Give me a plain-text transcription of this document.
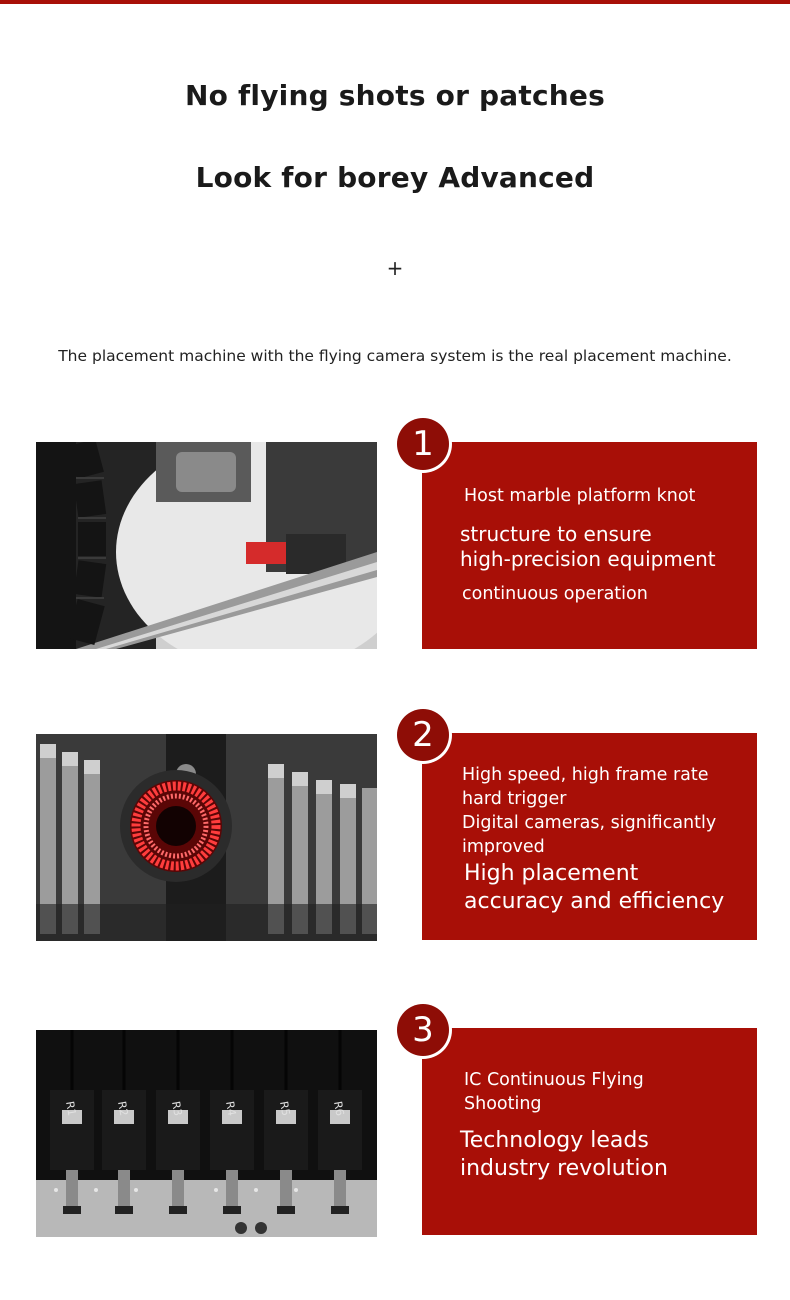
No flying shots or patches
Look for borey Advanced
+

The placement machine with the flying camera system is the real placement machine.

1

Host marble platform knot

structure to ensure

high-precision equipment

continuous operation

2

High speed, high frame rate

hard trigger

Digital cameras, significantly

improved

High placement

accuracy and efficiency

R1	R2	R3	R4	R5	R6
3

IC Continuous Flying

Shooting

Technology leads

industry revolution
